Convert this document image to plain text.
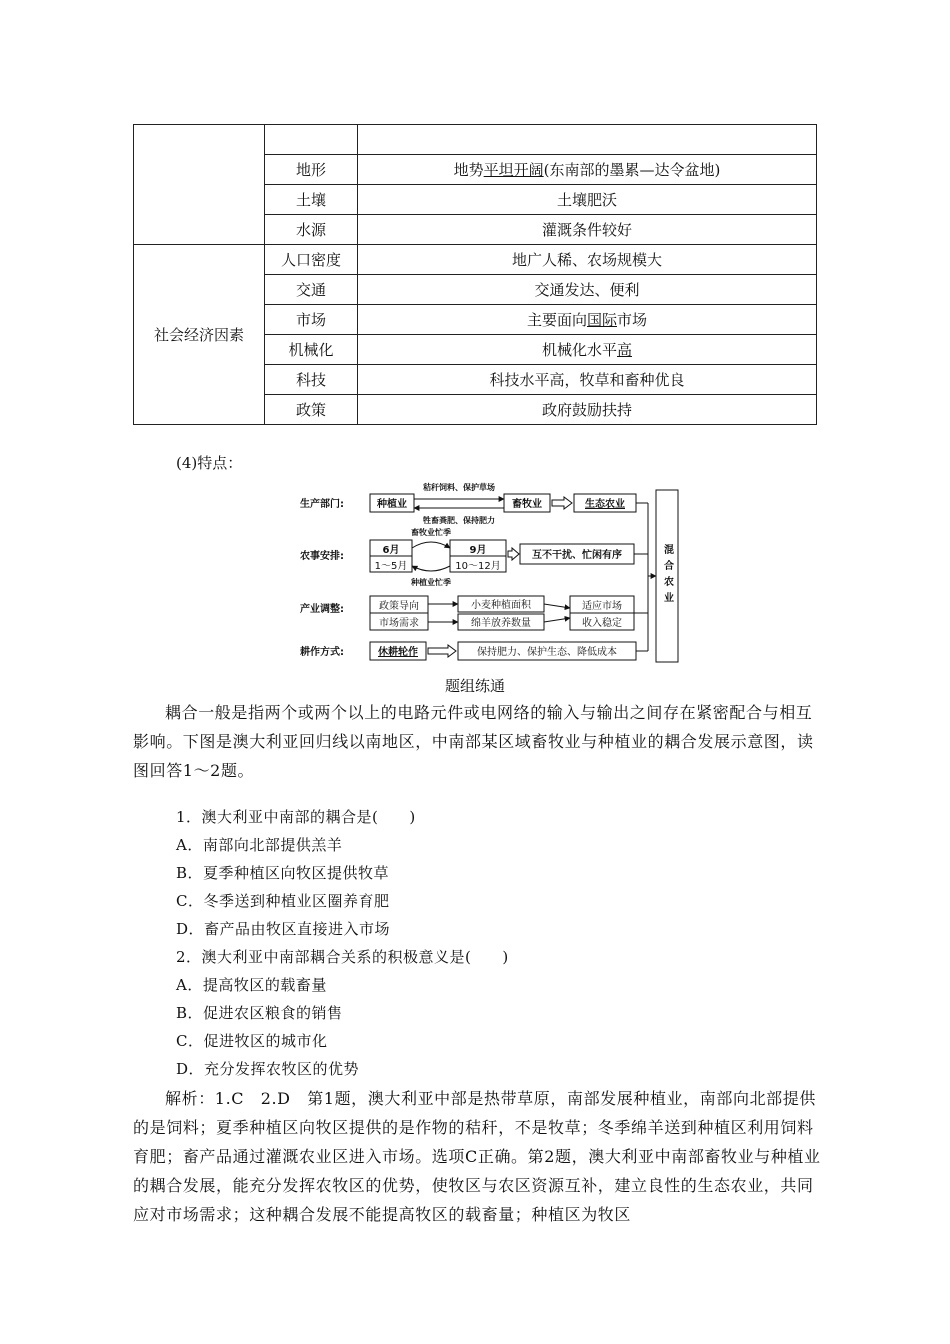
	地形	地势平坦开阔(东南部的墨累—达令盆地)
	土壤	土壤肥沃
	水源	灌溉条件较好
社会经济因素	人口密度	地广人稀、农场规模大
	交通	交通发达、便利
	市场	主要面向国际市场
	机械化	机械化水平高
	科技	科技水平高，牧草和畜种优良
	政策	政府鼓励扶持
(4)特点：
生产部门:
农事安排:
产业调整:
耕作方式:
种植业	畜牧业	生态农业
6月
1～5月
9月
10～12月
互不干扰、忙闲有序
政策导向
市场需求
小麦种植面积
绵羊放养数量
适应市场
收入稳定
休耕轮作	保持肥力、保护生态、降低成本
混合农业
秸秆饲料、保护草场
牲畜粪肥、保持肥力
畜牧业忙季
种植业忙季
题组练通
耦合一般是指两个或两个以上的电路元件或电网络的输入与输出之间存在紧密配合与相互影响。下图是澳大利亚回归线以南地区，中南部某区域畜牧业与种植业的耦合发展示意图，读图回答1～2题。
1．澳大利亚中南部的耦合是(　　)
A．南部向北部提供羔羊
B．夏季种植区向牧区提供牧草
C．冬季送到种植业区圈养育肥
D．畜产品由牧区直接进入市场
2．澳大利亚中南部耦合关系的积极意义是(　　)
A．提高牧区的载畜量
B．促进农区粮食的销售
C．促进牧区的城市化
D．充分发挥农牧区的优势
解析：1.C　2.D　第1题，澳大利亚中部是热带草原，南部发展种植业，南部向北部提供的是饲料；夏季种植区向牧区提供的是作物的秸秆，不是牧草；冬季绵羊送到种植区利用饲料育肥；畜产品通过灌溉农业区进入市场。选项C正确。第2题，澳大利亚中南部畜牧业与种植业的耦合发展，能充分发挥农牧区的优势，使牧区与农区资源互补，建立良性的生态农业，共同应对市场需求；这种耦合发展不能提高牧区的载畜量；种植区为牧区
